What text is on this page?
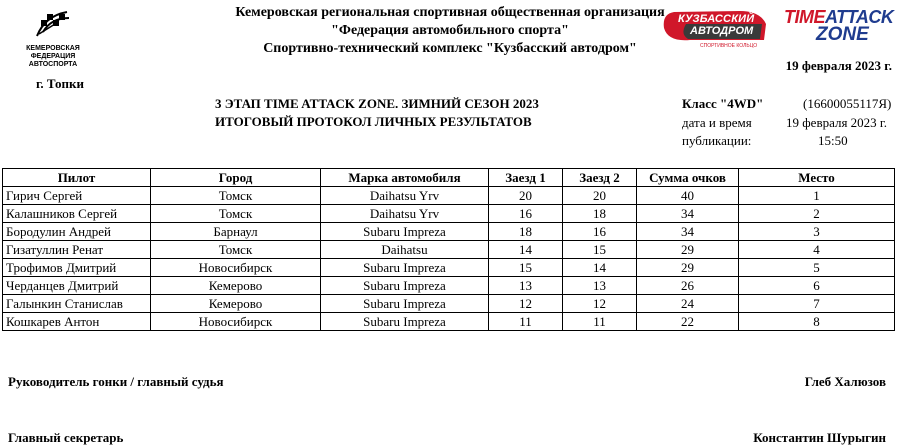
КЕМЕРОВСКАЯ
ФЕДЕРАЦИЯ АВТОСПОРТА
Кемеровская региональная спортивная общественная организация
"Федерация автомобильного спорта"
Спортивно-технический комплекс "Кузбасский автодром"
КУЗБАССКИЙ
АВТОДРОМ
СПОРТИВНОЕ КОЛЬЦО
TIMEATTACK
ZONE
19 февраля 2023 г.
г. Топки
3 ЭТАП TIME ATTACK ZONE. ЗИМНИЙ СЕЗОН 2023
ИТОГОВЫЙ ПРОТОКОЛ ЛИЧНЫХ РЕЗУЛЬТАТОВ
Класс "4WD"	(16600055117Я)
дата и время
публикации:
19 февраля 2023 г.
15:50
Пилот	Город	Марка автомобиля	Заезд 1	Заезд 2	Сумма очков	Место
Гирич Сергей	Томск	Daihatsu Yrv	20	20	40	1
Калашников Сергей	Томск	Daihatsu Yrv	16	18	34	2
Бородулин Андрей	Барнаул	Subaru Impreza	18	16	34	3
Гизатуллин Ренат	Томск	Daihatsu	14	15	29	4
Трофимов Дмитрий	Новосибирск	Subaru Impreza	15	14	29	5
Черданцев Дмитрий	Кемерово	Subaru Impreza	13	13	26	6
Галынкин Станислав	Кемерово	Subaru Impreza	12	12	24	7
Кошкарев Антон	Новосибирск	Subaru Impreza	11	11	22	8
Руководитель гонки / главный судья	Глеб Халюзов
Главный секретарь	Константин Шурыгин
